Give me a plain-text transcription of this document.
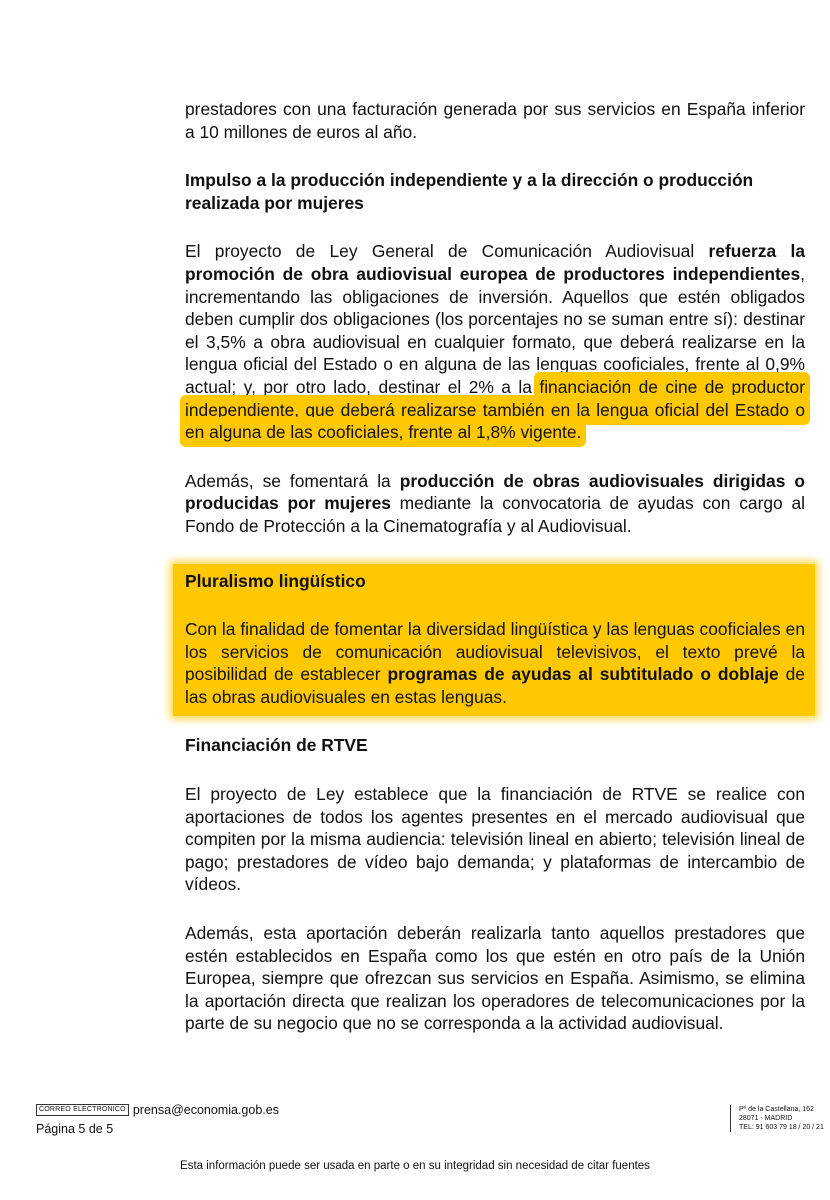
prestadores con una facturación generada por sus servicios en España inferior a 10 millones de euros al año.

Impulso a la producción independiente y a la dirección o producción realizada por mujeres

El proyecto de Ley General de Comunicación Audiovisual refuerza la promoción de obra audiovisual europea de productores independientes, incrementando las obligaciones de inversión. Aquellos que estén obligados deben cumplir dos obligaciones (los porcentajes no se suman entre sí): destinar el 3,5% a obra audiovisual en cualquier formato, que deberá realizarse en la lengua oficial del Estado o en alguna de las lenguas cooficiales, frente al 0,9% actual; y, por otro lado, destinar el 2% a la financiación de cine de productor independiente, que deberá realizarse también en la lengua oficial del Estado o en alguna de las cooficiales, frente al 1,8% vigente.

Además, se fomentará la producción de obras audiovisuales dirigidas o producidas por mujeres mediante la convocatoria de ayudas con cargo al Fondo de Protección a la Cinematografía y al Audiovisual.

Pluralismo lingüístico

Con la finalidad de fomentar la diversidad lingüística y las lenguas cooficiales en los servicios de comunicación audiovisual televisivos, el texto prevé la posibilidad de establecer programas de ayudas al subtitulado o doblaje de las obras audiovisuales en estas lenguas.

Financiación de RTVE

El proyecto de Ley establece que la financiación de RTVE se realice con aportaciones de todos los agentes presentes en el mercado audiovisual que compiten por la misma audiencia: televisión lineal en abierto; televisión lineal de pago; prestadores de vídeo bajo demanda; y plataformas de intercambio de vídeos.

Además, esta aportación deberán realizarla tanto aquellos prestadores que estén establecidos en España como los que estén en otro país de la Unión Europea, siempre que ofrezcan sus servicios en España. Asimismo, se elimina la aportación directa que realizan los operadores de telecomunicaciones por la parte de su negocio que no se corresponda a la actividad audiovisual.

CORREO ELECTRÓNICO prensa@economia.gob.es
Página 5 de 5
Pº de la Castellana, 162
28071 - MADRID
TEL: 91 603 79 18 / 20 / 21
Esta información puede ser usada en parte o en su integridad sin necesidad de citar fuentes
